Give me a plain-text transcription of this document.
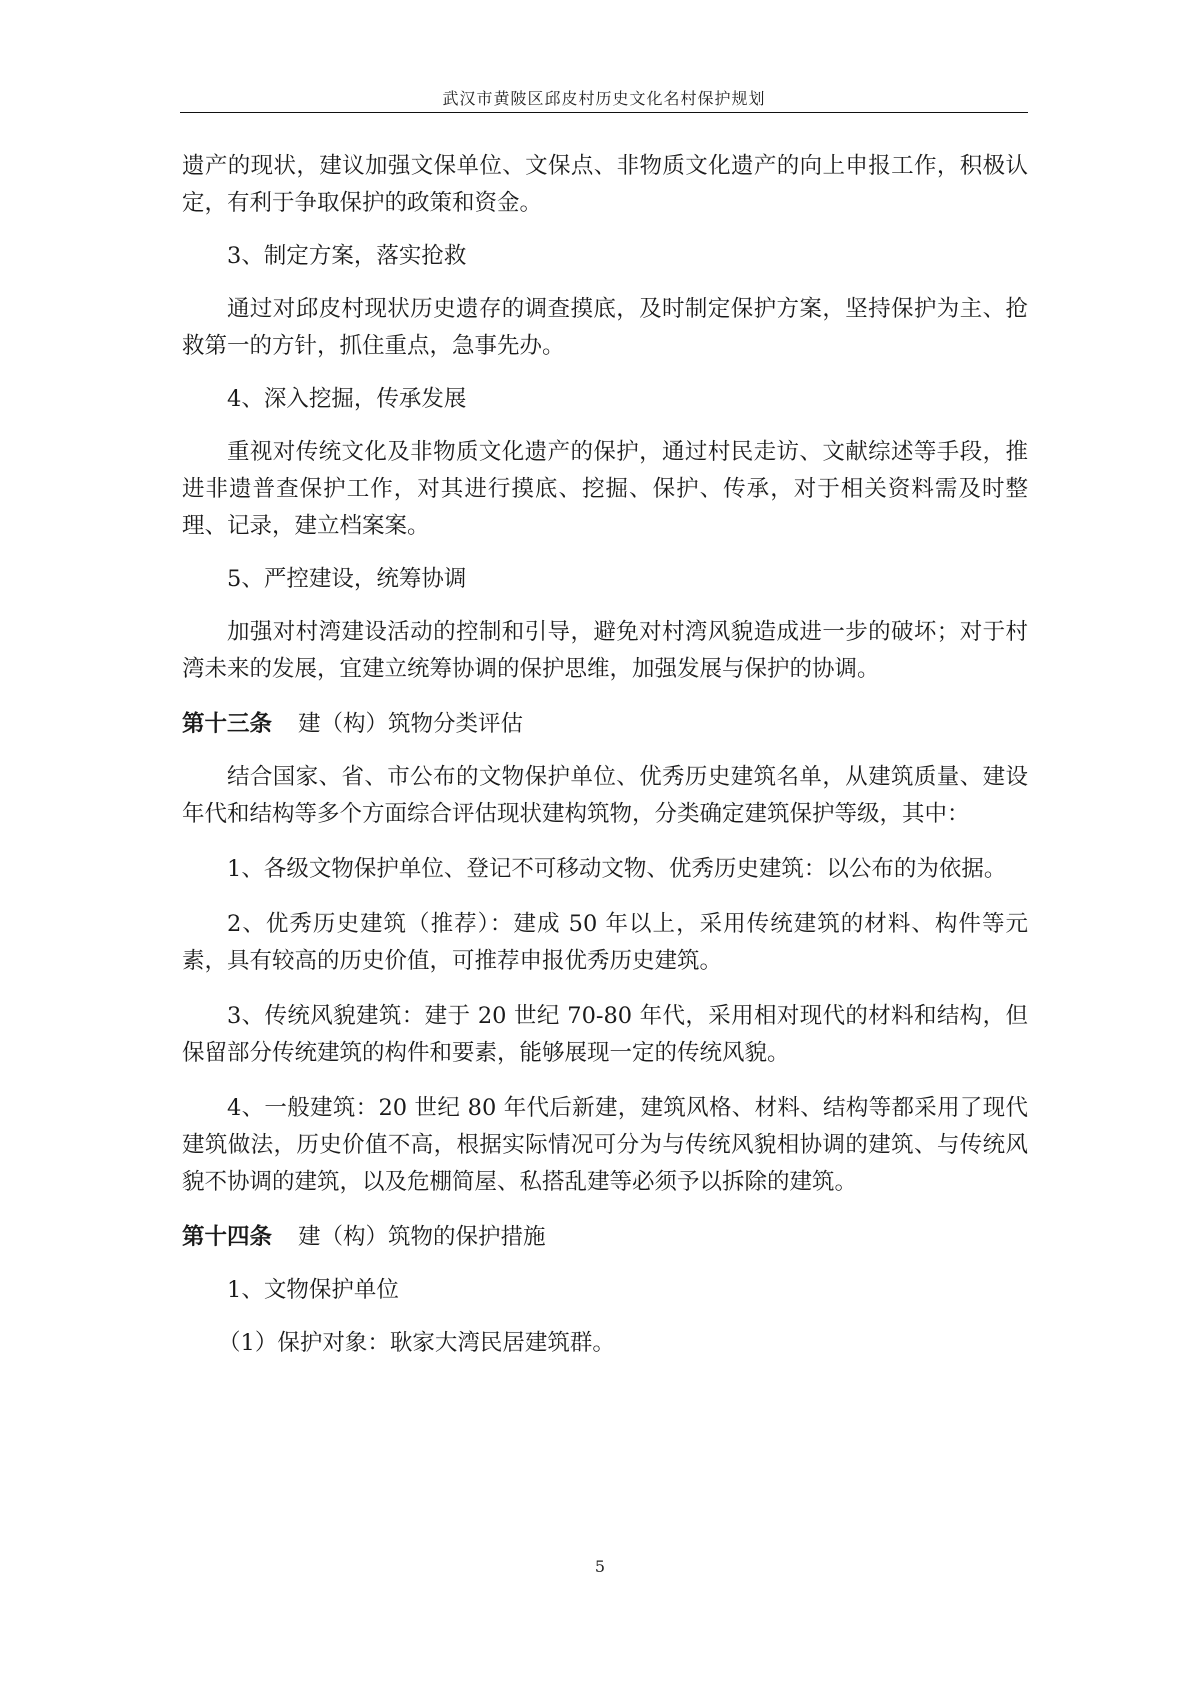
武汉市黄陂区邱皮村历史文化名村保护规划

遗产的现状，建议加强文保单位、文保点、非物质文化遗产的向上申报工作，积极认定，有利于争取保护的政策和资金。

3、制定方案，落实抢救

通过对邱皮村现状历史遗存的调查摸底，及时制定保护方案，坚持保护为主、抢救第一的方针，抓住重点，急事先办。

4、深入挖掘，传承发展

重视对传统文化及非物质文化遗产的保护，通过村民走访、文献综述等手段，推进非遗普查保护工作，对其进行摸底、挖掘、保护、传承，对于相关资料需及时整理、记录，建立档案案。

5、严控建设，统筹协调

加强对村湾建设活动的控制和引导，避免对村湾风貌造成进一步的破坏；对于村湾未来的发展，宜建立统筹协调的保护思维，加强发展与保护的协调。

第十三条 建（构）筑物分类评估

结合国家、省、市公布的文物保护单位、优秀历史建筑名单，从建筑质量、建设年代和结构等多个方面综合评估现状建构筑物，分类确定建筑保护等级，其中：

1、各级文物保护单位、登记不可移动文物、优秀历史建筑：以公布的为依据。

2、优秀历史建筑（推荐）：建成 50 年以上，采用传统建筑的材料、构件等元素，具有较高的历史价值，可推荐申报优秀历史建筑。

3、传统风貌建筑：建于 20 世纪 70-80 年代，采用相对现代的材料和结构，但保留部分传统建筑的构件和要素，能够展现一定的传统风貌。

4、一般建筑：20 世纪 80 年代后新建，建筑风格、材料、结构等都采用了现代建筑做法，历史价值不高，根据实际情况可分为与传统风貌相协调的建筑、与传统风貌不协调的建筑，以及危棚简屋、私搭乱建等必须予以拆除的建筑。

第十四条 建（构）筑物的保护措施

1、文物保护单位

（1）保护对象：耿家大湾民居建筑群。

5
